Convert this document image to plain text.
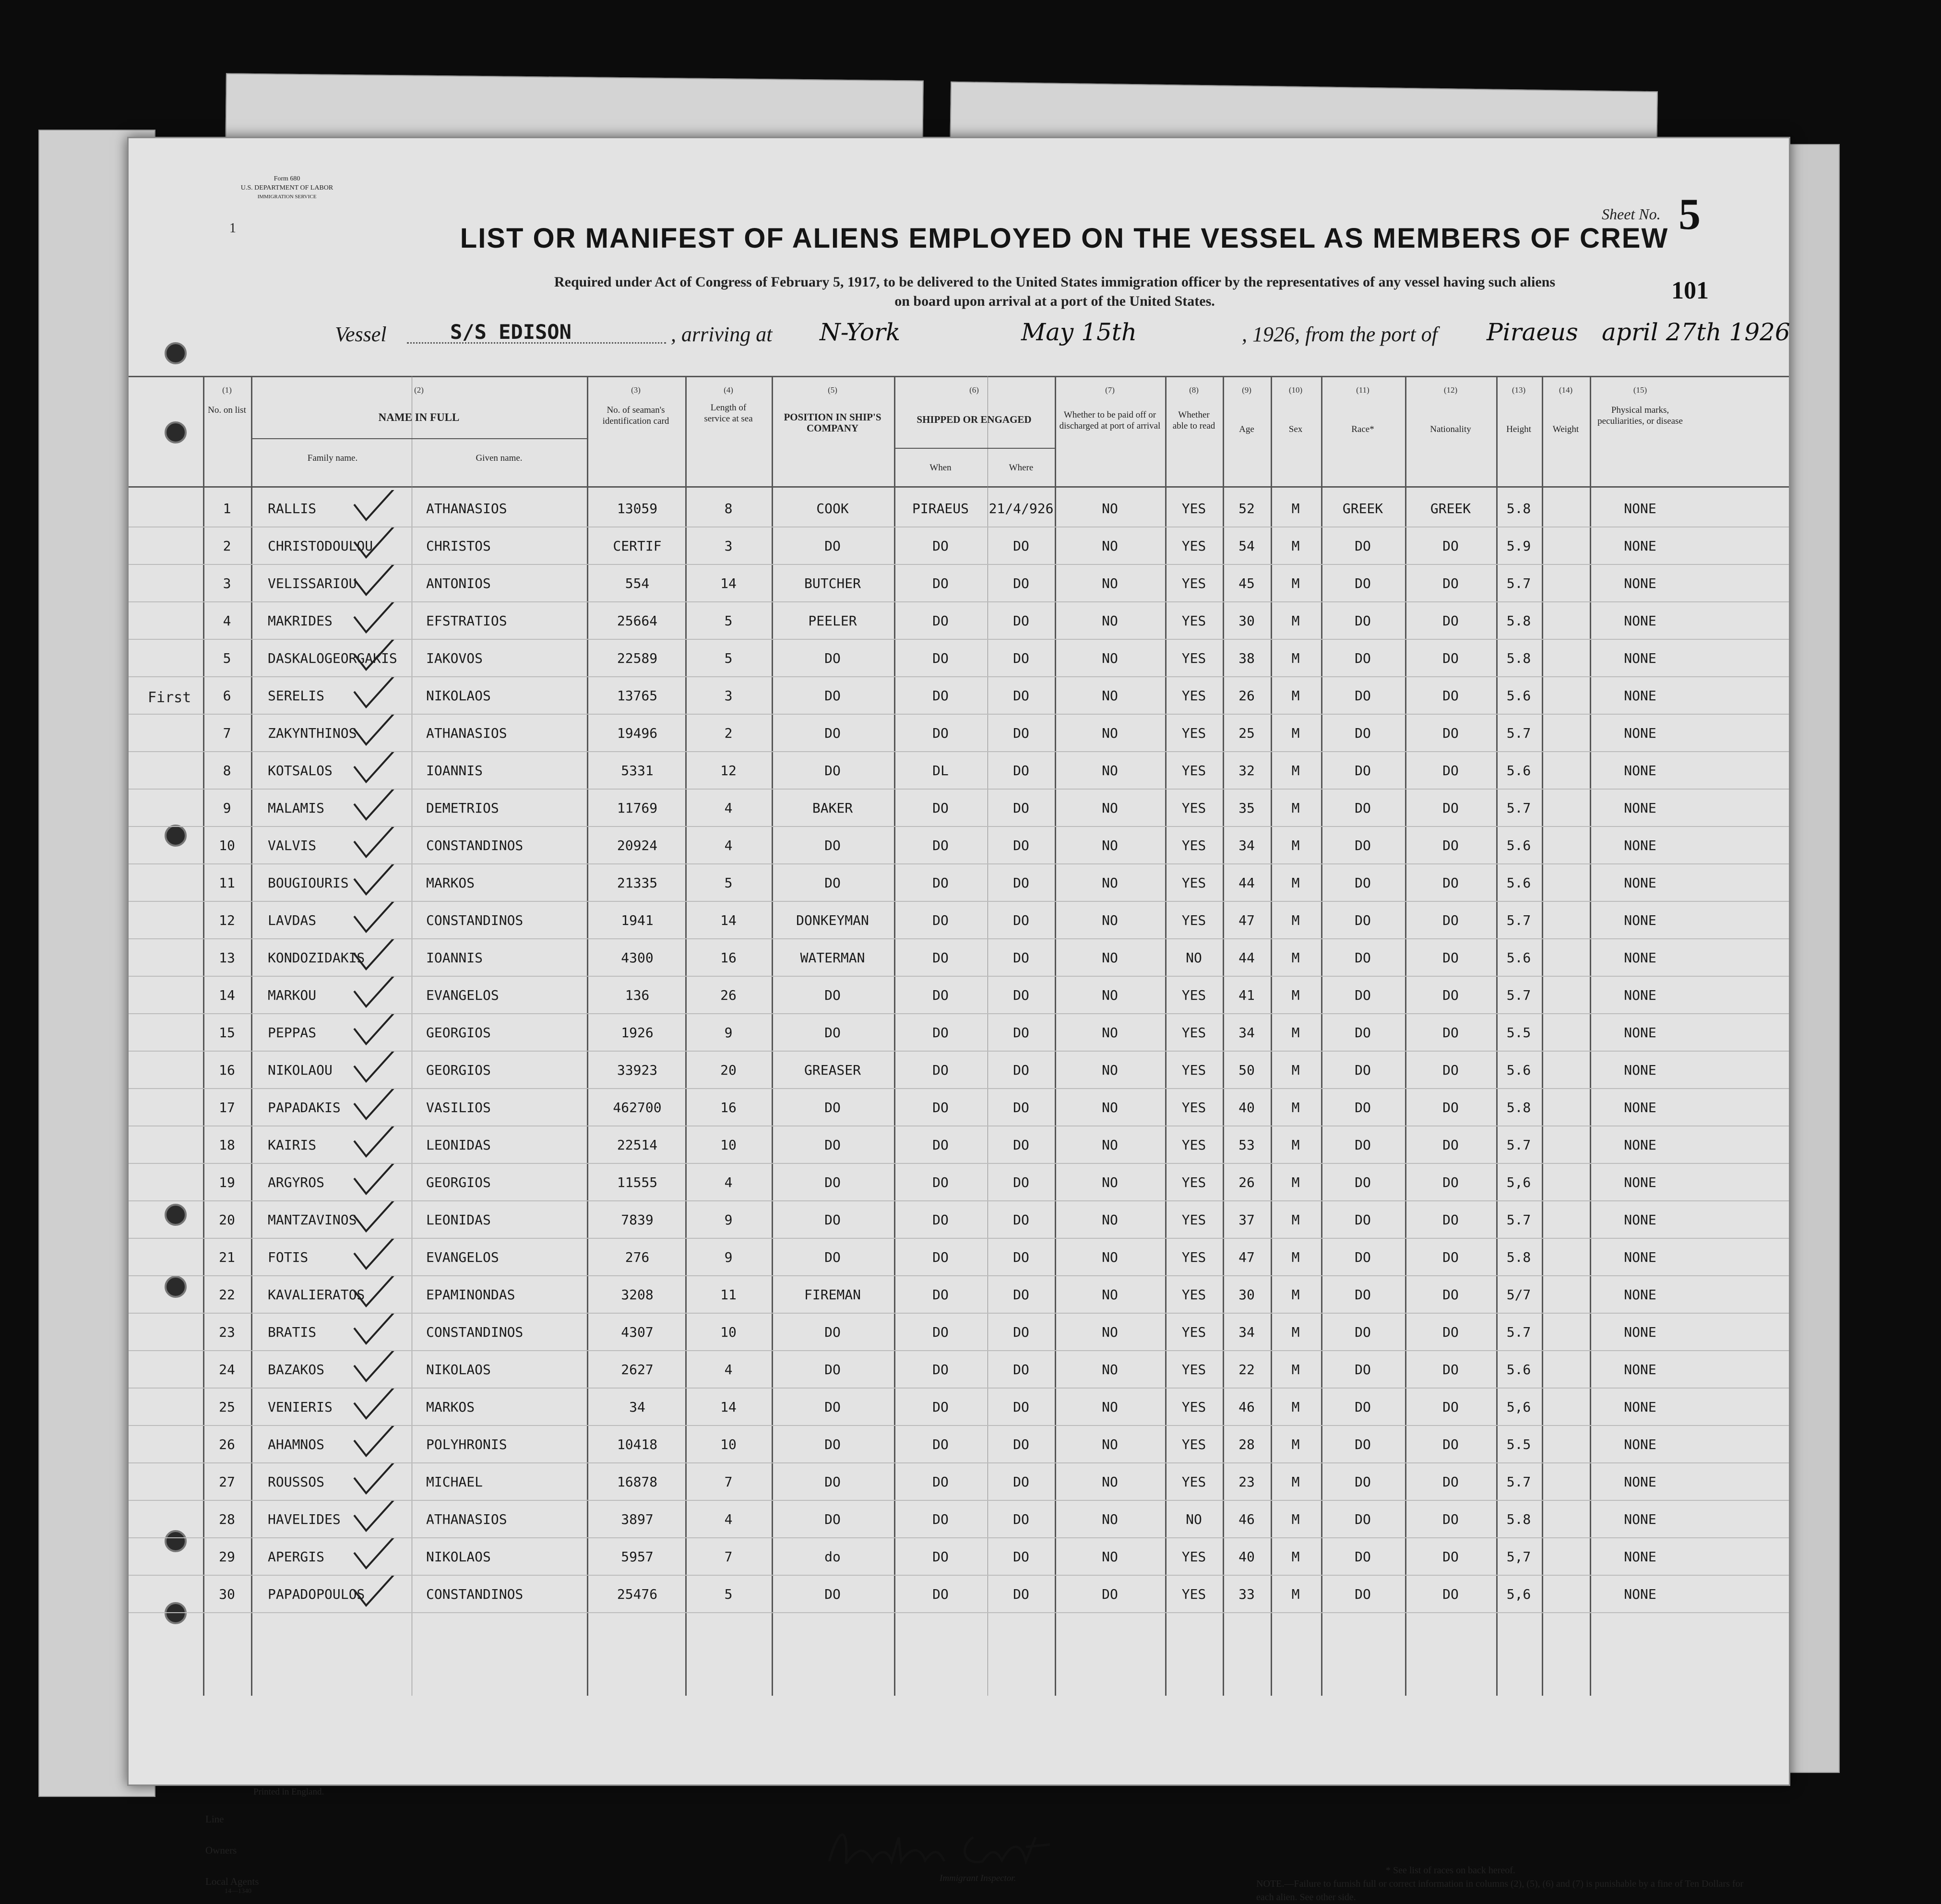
Form 680
U.S. DEPARTMENT OF LABOR
IMMIGRATION SERVICE
1
Sheet No. 5
101
LIST OR MANIFEST OF ALIENS EMPLOYED ON THE VESSEL AS MEMBERS OF CREW
Required under Act of Congress of February 5, 1917, to be delivered to the United States immigration officer by the representatives of any vessel having such aliens
on board upon arrival at a port of the United States.
Vessel	S/S EDISON	, arriving at N-York	May 15th	, 1926, from the port of Piraeus april 27th 1926
(1)	(2)	(3)	(4)	(5)	(6)	(7)	(8)	(9)	(10)	(11)	(12)	(13)	(14)	(15)
No. on list
NAME IN FULL
Family name.	Given name.
No. of seaman's identification card
Length of service at sea	POSITION IN SHIP'S COMPANY
SHIPPED OR ENGAGED
When	Where
Whether to be paid off or discharged at port of arrival
Whether able to read	Age	Sex	Race*	Nationality	Height	Weight
Physical marks, peculiarities, or disease
1	RALLIS	ATHANASIOS	13059	8	COOK	PIRAEUS 21/4/926	NO	YES 52	M	GREEK	GREEK	5.8	NONE
2	CHRISTODOULOU	CHRISTOS	CERTIF	3	DO	DO	DO	NO	YES 54	M	DO	DO	5.9	NONE
3	VELISSARIOU	ANTONIOS	554	14	BUTCHER	DO	DO	NO	YES 45	M	DO	DO	5.7	NONE
4	MAKRIDES	EFSTRATIOS	25664	5	PEELER	DO	DO	NO	YES 30	M	DO	DO	5.8	NONE
5	DASKALOGEORGAKIS IAKOVOS	22589	5	DO	DO	DO	NO	YES 38	M	DO	DO	5.8	NONE
6	SERELIS	NIKOLAOS	13765	3	DO	DO	DO	NO	YES 26	M	DO	DO	5.6	NONE
7	ZAKYNTHINOS	ATHANASIOS	19496	2	DO	DO	DO	NO	YES 25	M	DO	DO	5.7	NONE
8	KOTSALOS	IOANNIS	5331	12	DO	DL	DO	NO	YES 32	M	DO	DO	5.6	NONE
9	MALAMIS	DEMETRIOS	11769	4	BAKER	DO	DO	NO	YES 35	M	DO	DO	5.7	NONE
10 VALVIS	CONSTANDINOS	20924	4	DO	DO	DO	NO	YES 34	M	DO	DO	5.6	NONE
11 BOUGIOURIS	MARKOS	21335	5	DO	DO	DO	NO	YES 44	M	DO	DO	5.6	NONE
12 LAVDAS	CONSTANDINOS	1941	14	DONKEYMAN	DO	DO	NO	YES 47	M	DO	DO	5.7	NONE
13 KONDOZIDAKIS	IOANNIS	4300	16	WATERMAN	DO	DO	NO	NO	44	M	DO	DO	5.6	NONE
14 MARKOU	EVANGELOS	136	26	DO	DO	DO	NO	YES 41	M	DO	DO	5.7	NONE
15 PEPPAS	GEORGIOS	1926	9	DO	DO	DO	NO	YES 34	M	DO	DO	5.5	NONE
16 NIKOLAOU	GEORGIOS	33923	20	GREASER	DO	DO	NO	YES 50	M	DO	DO	5.6	NONE
17 PAPADAKIS	VASILIOS	462700	16	DO	DO	DO	NO	YES 40	M	DO	DO	5.8	NONE
18 KAIRIS	LEONIDAS	22514	10	DO	DO	DO	NO	YES 53	M	DO	DO	5.7	NONE
19 ARGYROS	GEORGIOS	11555	4	DO	DO	DO	NO	YES 26	M	DO	DO	5,6	NONE
20 MANTZAVINOS	LEONIDAS	7839	9	DO	DO	DO	NO	YES 37	M	DO	DO	5.7	NONE
21 FOTIS	EVANGELOS	276	9	DO	DO	DO	NO	YES 47	M	DO	DO	5.8	NONE
22 KAVALIERATOS	EPAMINONDAS	3208	11	FIREMAN	DO	DO	NO	YES 30	M	DO	DO	5/7	NONE
23 BRATIS	CONSTANDINOS	4307	10	DO	DO	DO	NO	YES 34	M	DO	DO	5.7	NONE
24 BAZAKOS	NIKOLAOS	2627	4	DO	DO	DO	NO	YES 22	M	DO	DO	5.6	NONE
25 VENIERIS	MARKOS	34	14	DO	DO	DO	NO	YES 46	M	DO	DO	5,6	NONE
26 AHAMNOS	POLYHRONIS	10418	10	DO	DO	DO	NO	YES 28	M	DO	DO	5.5	NONE
27 ROUSSOS	MICHAEL	16878	7	DO	DO	DO	NO	YES 23	M	DO	DO	5.7	NONE
28 HAVELIDES	ATHANASIOS	3897	4	DO	DO	DO	NO	NO	46	M	DO	DO	5.8	NONE
29 APERGIS	NIKOLAOS	5957	7	do	DO	DO	NO	YES 40	M	DO	DO	5,7	NONE
30 PAPADOPOULOS	CONSTANDINOS	25476	5	DO	DO	DO	DO	YES 33	M	DO	DO	5,6	NONE
First
Printed in England.
Line
Owners
Local Agents
14—1340
Immigrant Inspector.
* See list of races on back hereof.
NOTE.—Failure to furnish full or correct information in columns (2), (5), (6) and (7) is punishable by a fine of Ten Dollars for each alien. See other side.
